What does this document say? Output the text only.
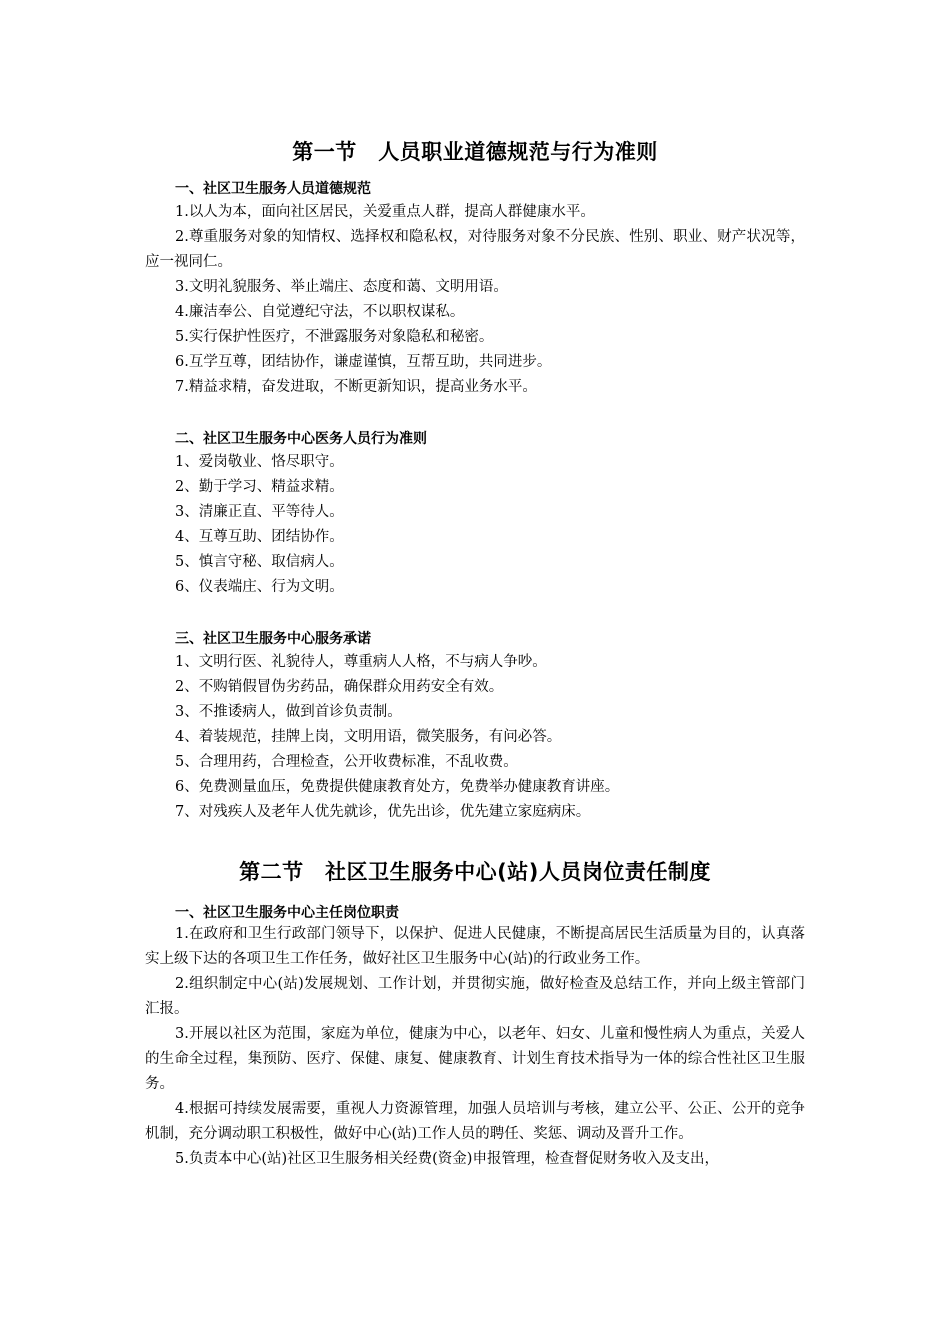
第一节　人员职业道德规范与行为准则
一、社区卫生服务人员道德规范

1.以人为本，面向社区居民，关爱重点人群，提高人群健康水平。

2.尊重服务对象的知情权、选择权和隐私权，对待服务对象不分民族、性别、职业、财产状况等，应一视同仁。

3.文明礼貌服务、举止端庄、态度和蔼、文明用语。

4.廉洁奉公、自觉遵纪守法，不以职权谋私。

5.实行保护性医疗，不泄露服务对象隐私和秘密。

6.互学互尊，团结协作，谦虚谨慎，互帮互助，共同进步。

7.精益求精，奋发进取，不断更新知识，提高业务水平。

二、社区卫生服务中心医务人员行为准则

1、爱岗敬业、恪尽职守。

2、勤于学习、精益求精。

3、清廉正直、平等待人。

4、互尊互助、团结协作。

5、慎言守秘、取信病人。

6、仪表端庄、行为文明。

三、社区卫生服务中心服务承诺

1、文明行医、礼貌待人，尊重病人人格，不与病人争吵。

2、不购销假冒伪劣药品，确保群众用药安全有效。

3、不推诿病人，做到首诊负责制。

4、着装规范，挂牌上岗，文明用语，微笑服务，有问必答。

5、合理用药，合理检查，公开收费标准，不乱收费。

6、免费测量血压，免费提供健康教育处方，免费举办健康教育讲座。

7、对残疾人及老年人优先就诊，优先出诊，优先建立家庭病床。

第二节　社区卫生服务中心(站)人员岗位责任制度
一、社区卫生服务中心主任岗位职责

1.在政府和卫生行政部门领导下，以保护、促进人民健康，不断提高居民生活质量为目的，认真落实上级下达的各项卫生工作任务，做好社区卫生服务中心(站)的行政业务工作。

2.组织制定中心(站)发展规划、工作计划，并贯彻实施，做好检查及总结工作，并向上级主管部门汇报。

3.开展以社区为范围，家庭为单位，健康为中心，以老年、妇女、儿童和慢性病人为重点，关爱人的生命全过程，集预防、医疗、保健、康复、健康教育、计划生育技术指导为一体的综合性社区卫生服务。

4.根据可持续发展需要，重视人力资源管理，加强人员培训与考核，建立公平、公正、公开的竞争机制，充分调动职工积极性，做好中心(站)工作人员的聘任、奖惩、调动及晋升工作。

5.负责本中心(站)社区卫生服务相关经费(资金)申报管理，检查督促财务收入及支出，
